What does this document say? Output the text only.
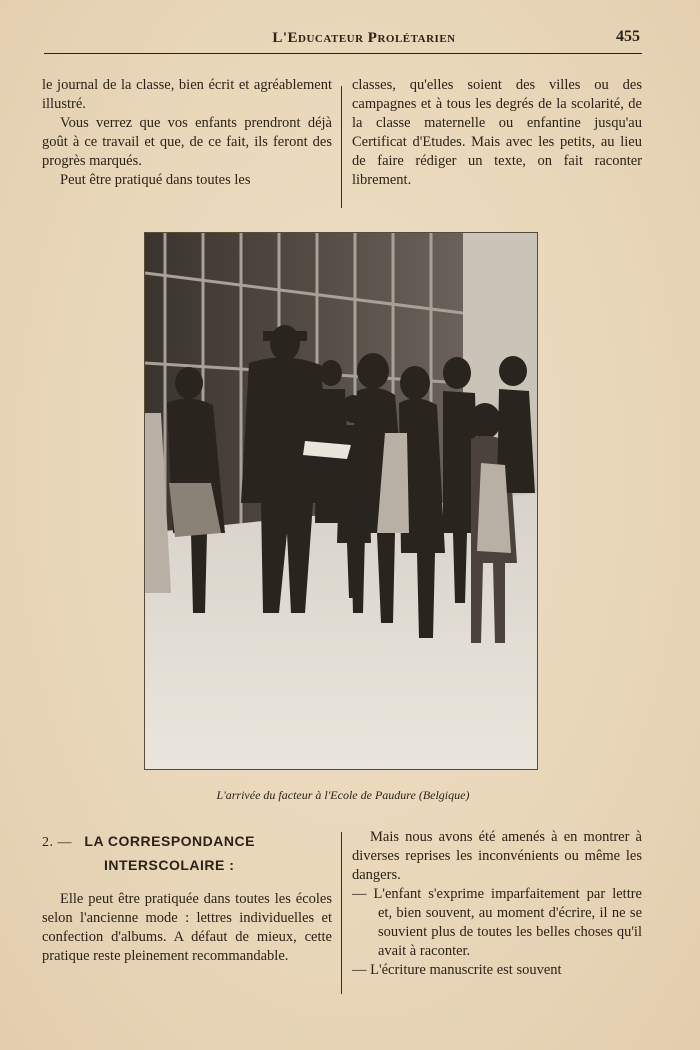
L'Educateur Prolétarien	455

le journal de la classe, bien écrit et agréablement illustré.

Vous verrez que vos enfants prendront déjà goût à ce travail et que, de ce fait, ils feront des progrès marqués.

Peut être pratiqué dans toutes les

classes, qu'elles soient des villes ou des campagnes et à tous les degrés de la scolarité, de la classe maternelle ou enfantine jusqu'au Certificat d'Etudes. Mais avec les petits, au lieu de faire rédiger un texte, on fait raconter librement.

L'arrivée du facteur à l'Ecole de Paudure (Belgique)
2. — LA CORRESPONDANCE
INTERSCOLAIRE :

Elle peut être pratiquée dans toutes les écoles selon l'ancienne mode : lettres individuelles et confection d'albums. A défaut de mieux, cette pratique reste pleinement recommandable.

Mais nous avons été amenés à en montrer à diverses reprises les inconvénients ou même les dangers.

— L'enfant s'exprime imparfaitement par lettre et, bien souvent, au moment d'écrire, il ne se souvient plus de toutes les belles choses qu'il avait à raconter.

— L'écriture manuscrite est souvent
